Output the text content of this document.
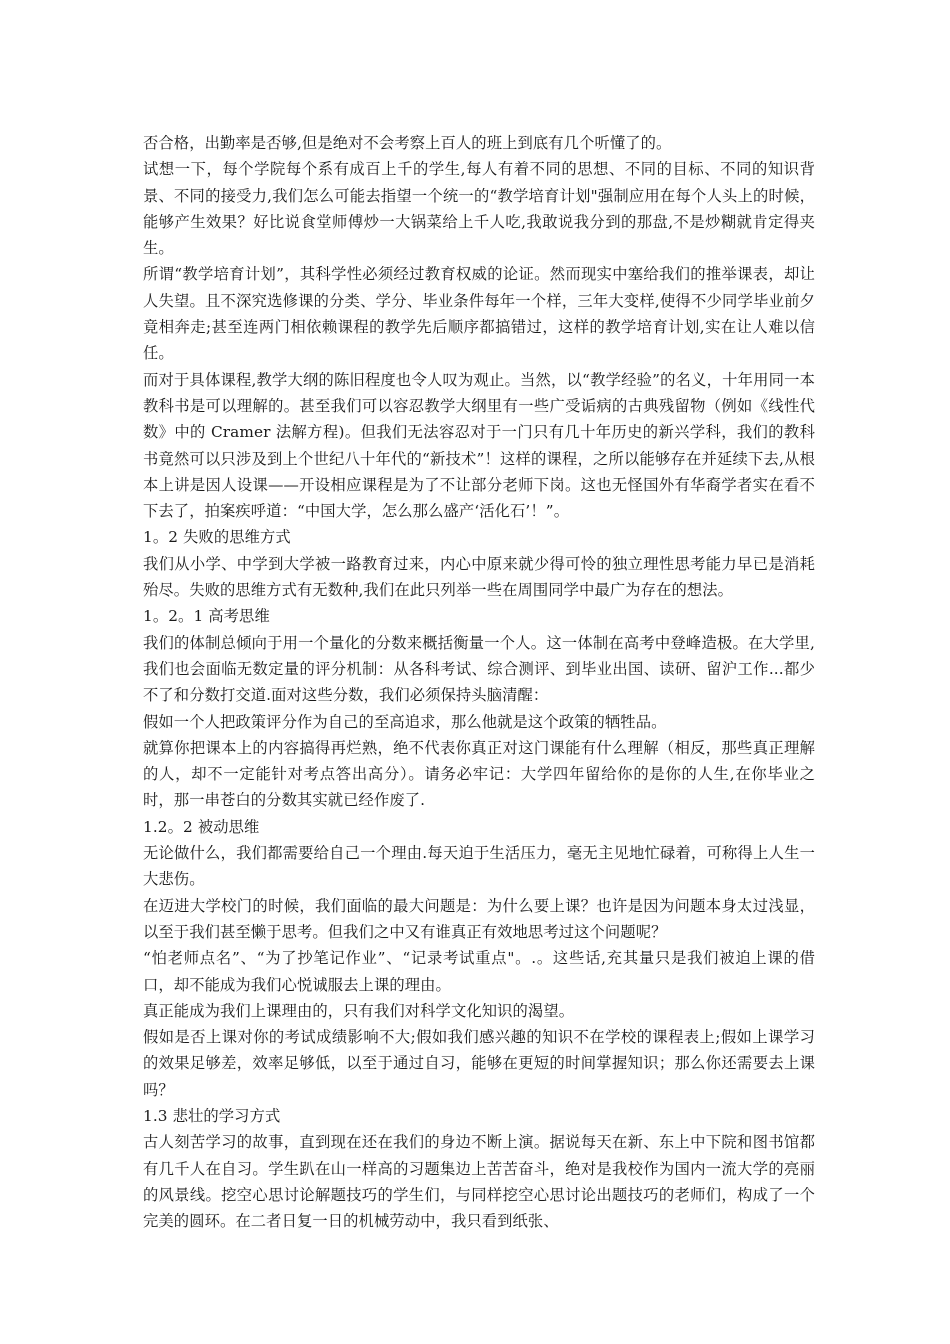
否合格，出勤率是否够,但是绝对不会考察上百人的班上到底有几个听懂了的。

试想一下，每个学院每个系有成百上千的学生,每人有着不同的思想、不同的目标、不同的知识背景、不同的接受力,我们怎么可能去指望一个统一的“教学培育计划"强制应用在每个人头上的时候，能够产生效果？好比说食堂师傅炒一大锅菜给上千人吃,我敢说我分到的那盘,不是炒糊就肯定得夹生。

所谓“教学培育计划”，其科学性必须经过教育权威的论证。然而现实中塞给我们的推举课表，却让人失望。且不深究选修课的分类、学分、毕业条件每年一个样，三年大变样,使得不少同学毕业前夕竟相奔走;甚至连两门相依赖课程的教学先后顺序都搞错过，这样的教学培育计划,实在让人难以信任。

而对于具体课程,教学大纲的陈旧程度也令人叹为观止。当然，以“教学经验”的名义，十年用同一本教科书是可以理解的。甚至我们可以容忍教学大纲里有一些广受诟病的古典残留物（例如《线性代数》中的 Cramer 法解方程)。但我们无法容忍对于一门只有几十年历史的新兴学科，我们的教科书竟然可以只涉及到上个世纪八十年代的“新技术”！这样的课程，之所以能够存在并延续下去,从根本上讲是因人设课——开设相应课程是为了不让部分老师下岗。这也无怪国外有华裔学者实在看不下去了，拍案疾呼道：“中国大学，怎么那么盛产‘活化石’！”。

1。2 失败的思维方式

我们从小学、中学到大学被一路教育过来，内心中原来就少得可怜的独立理性思考能力早已是消耗殆尽。失败的思维方式有无数种,我们在此只列举一些在周围同学中最广为存在的想法。

1。2。1 高考思维

我们的体制总倾向于用一个量化的分数来概括衡量一个人。这一体制在高考中登峰造极。在大学里,我们也会面临无数定量的评分机制：从各科考试、综合测评、到毕业出国、读研、留沪工作...都少不了和分数打交道.面对这些分数，我们必须保持头脑清醒：

假如一个人把政策评分作为自己的至高追求，那么他就是这个政策的牺牲品。

就算你把课本上的内容搞得再烂熟，绝不代表你真正对这门课能有什么理解（相反，那些真正理解的人，却不一定能针对考点答出高分）。请务必牢记：大学四年留给你的是你的人生,在你毕业之时，那一串苍白的分数其实就已经作废了.

1.2。2 被动思维

无论做什么，我们都需要给自己一个理由.每天迫于生活压力，毫无主见地忙碌着，可称得上人生一大悲伤。

在迈进大学校门的时候，我们面临的最大问题是：为什么要上课？也许是因为问题本身太过浅显，以至于我们甚至懒于思考。但我们之中又有谁真正有效地思考过这个问题呢？

“怕老师点名”、“为了抄笔记作业”、“记录考试重点"。.。这些话,充其量只是我们被迫上课的借口，却不能成为我们心悦诚服去上课的理由。

真正能成为我们上课理由的，只有我们对科学文化知识的渴望。

假如是否上课对你的考试成绩影响不大;假如我们感兴趣的知识不在学校的课程表上;假如上课学习的效果足够差，效率足够低，以至于通过自习，能够在更短的时间掌握知识；那么你还需要去上课吗？

1.3 悲壮的学习方式

古人刻苦学习的故事，直到现在还在我们的身边不断上演。据说每天在新、东上中下院和图书馆都有几千人在自习。学生趴在山一样高的习题集边上苦苦奋斗，绝对是我校作为国内一流大学的亮丽的风景线。挖空心思讨论解题技巧的学生们，与同样挖空心思讨论出题技巧的老师们，构成了一个完美的圆环。在二者日复一日的机械劳动中，我只看到纸张、
